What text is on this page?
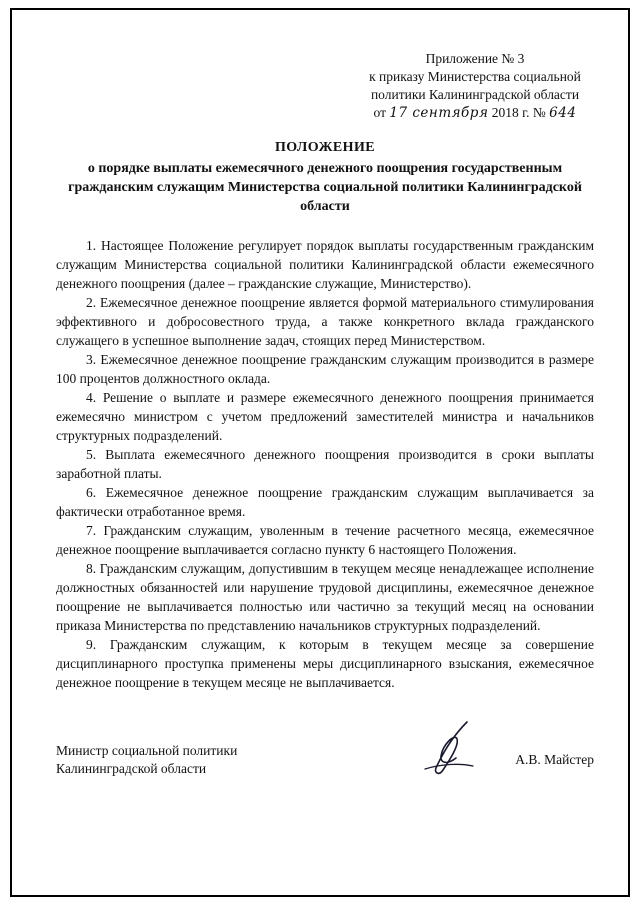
Приложение № 3
к приказу Министерства социальной
политики Калининградской области
от 17 сентября 2018 г. № 644
ПОЛОЖЕНИЕ
о порядке выплаты ежемесячного денежного поощрения государственным гражданским служащим Министерства социальной политики Калининградской области

1. Настоящее Положение регулирует порядок выплаты государственным гражданским служащим Министерства социальной политики Калининградской области ежемесячного денежного поощрения (далее – гражданские служащие, Министерство).

2. Ежемесячное денежное поощрение является формой материального стимулирования эффективного и добросовестного труда, а также конкретного вклада гражданского служащего в успешное выполнение задач, стоящих перед Министерством.

3. Ежемесячное денежное поощрение гражданским служащим производится в размере 100 процентов должностного оклада.

4. Решение о выплате и размере ежемесячного денежного поощрения принимается ежемесячно министром с учетом предложений заместителей министра и начальников структурных подразделений.

5. Выплата ежемесячного денежного поощрения производится в сроки выплаты заработной платы.

6. Ежемесячное денежное поощрение гражданским служащим выплачивается за фактически отработанное время.

7. Гражданским служащим, уволенным в течение расчетного месяца, ежемесячное денежное поощрение выплачивается согласно пункту 6 настоящего Положения.

8. Гражданским служащим, допустившим в текущем месяце ненадлежащее исполнение должностных обязанностей или нарушение трудовой дисциплины, ежемесячное денежное поощрение не выплачивается полностью или частично за текущий месяц на основании приказа Министерства по представлению начальников структурных подразделений.

9. Гражданским служащим, к которым в текущем месяце за совершение дисциплинарного проступка применены меры дисциплинарного взыскания, ежемесячное денежное поощрение в текущем месяце не выплачивается.

Министр социальной политики
Калининградской области
А.В. Майстер
